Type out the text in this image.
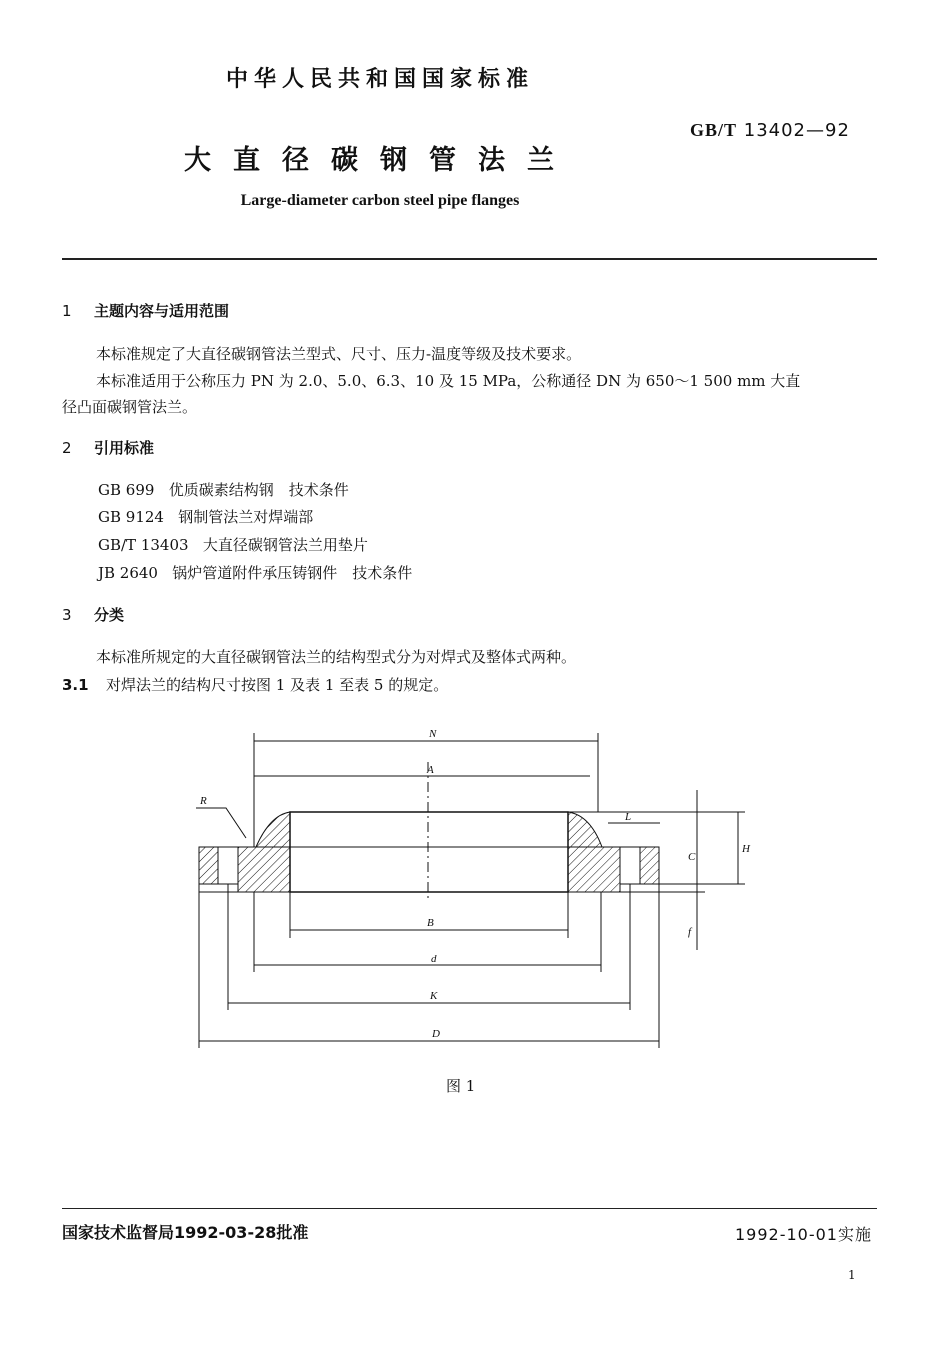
中华人民共和国国家标准
GB/T 13402—92
大直径碳钢管法兰
Large-diameter carbon steel pipe flanges
1 主题内容与适用范围
本标准规定了大直径碳钢管法兰型式、尺寸、压力-温度等级及技术要求。
本标准适用于公称压力 PN 为 2.0、5.0、6.3、10 及 15 MPa，公称通径 DN 为 650～1 500 mm 大直
径凸面碳钢管法兰。
2 引用标准
GB 699 优质碳素结构钢　技术条件
GB 9124 钢制管法兰对焊端部
GB/T 13403 大直径碳钢管法兰用垫片
JB 2640 锅炉管道附件承压铸钢件　技术条件
3 分类
本标准所规定的大直径碳钢管法兰的结构型式分为对焊式及整体式两种。
3.1 对焊法兰的结构尺寸按图 1 及表 1 至表 5 的规定。
N
A
R
L
H
C
f
B
d
K
D
图 1
国家技术监督局1992-03-28批准	1992-10-01实施
1
